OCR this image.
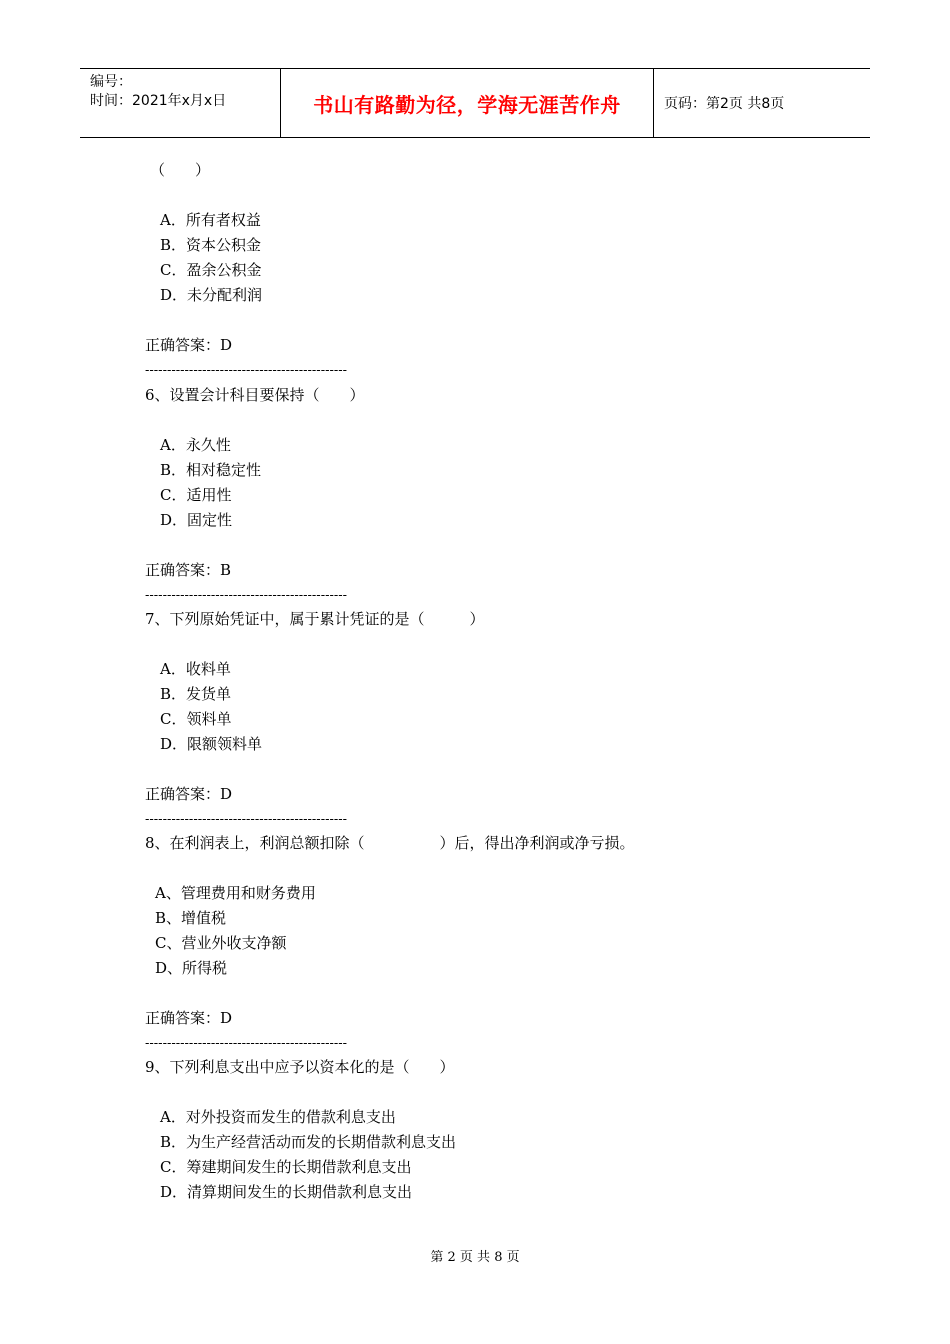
编号：
时间：2021年x月x日	书山有路勤为径，学海无涯苦作舟	页码：第2页 共8页
（　　）
A．所有者权益
B．资本公积金
C．盈余公积金
D．未分配利润
正确答案：D
----------------------------------------------
6、设置会计科目要保持（　　）
A．永久性
B．相对稳定性
C．适用性
D．固定性
正确答案：B
----------------------------------------------
7、下列原始凭证中，属于累计凭证的是（　　　）
A．收料单
B．发货单
C．领料单
D．限额领料单
正确答案：D
----------------------------------------------
8、在利润表上，利润总额扣除（　　　　　）后，得出净利润或净亏损。
A、管理费用和财务费用
B、增值税
C、营业外收支净额
D、所得税
正确答案：D
----------------------------------------------
9、下列利息支出中应予以资本化的是（　　）
A．对外投资而发生的借款利息支出
B．为生产经营活动而发的长期借款利息支出
C．筹建期间发生的长期借款利息支出
D．清算期间发生的长期借款利息支出
第 2 页 共 8 页
